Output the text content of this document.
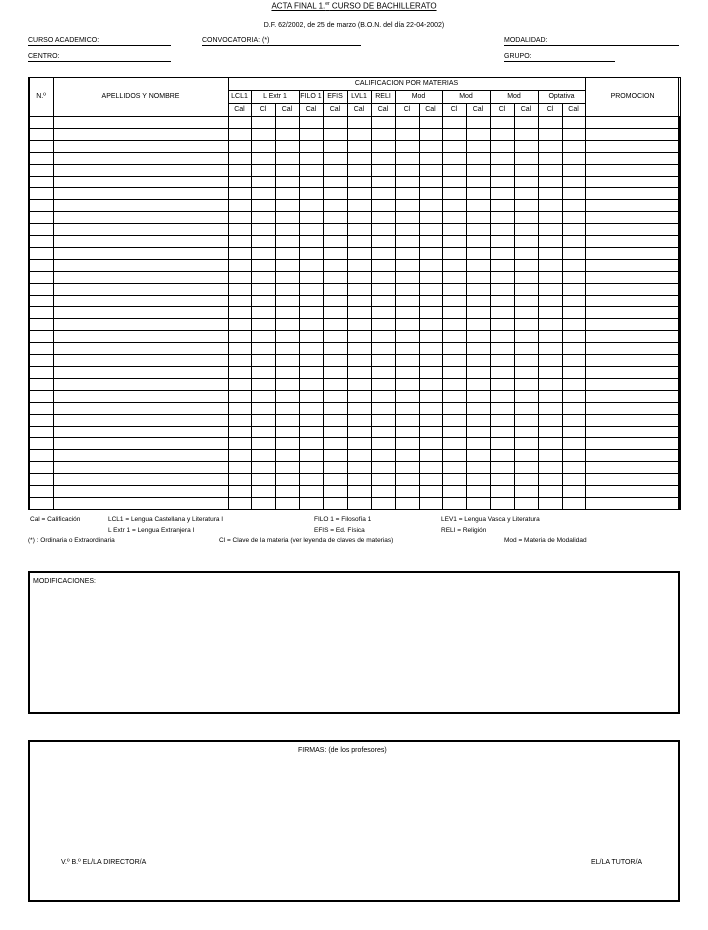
ACTA FINAL 1.$^{er}$ CURSO DE BACHILLERATO
D.F. 62/2002, de 25 de marzo (B.O.N. del día 22-04-2002)
CURSO ACADEMICO:	CONVOCATORIA: (*)	MODALIDAD:
CENTRO:	GRUPO:
N.º	APELLIDOS Y NOMBRE	CALIFICACION POR MATERIAS															PROMOCION
		LCL1	L Extr 1		FILO 1	EFIS	LVL1	RELI	Mod		Mod		Mod		Optativa		
		Cal	Cl	Cal	Cal	Cal	Cal	Cal	Cl	Cal	Cl	Cal	Cl	Cal	Cl	Cal	

Cal = Calificación	LCL1 = Lengua Castellana y Literatura I
L Extr 1 = Lengua Extranjera I
FILO 1 = Filosofía 1
EFIS = Ed. Física
LEV1 = Lengua Vasca y Literatura
RELI = Religión
(*) : Ordinaria o Extraordinaria	Cl = Clave de la materia (ver leyenda de claves de materias)	Mod = Materia de Modalidad
MODIFICACIONES:
FIRMAS: (de los profesores)
V.º B.º EL/LA DIRECTOR/A	EL/LA TUTOR/A
